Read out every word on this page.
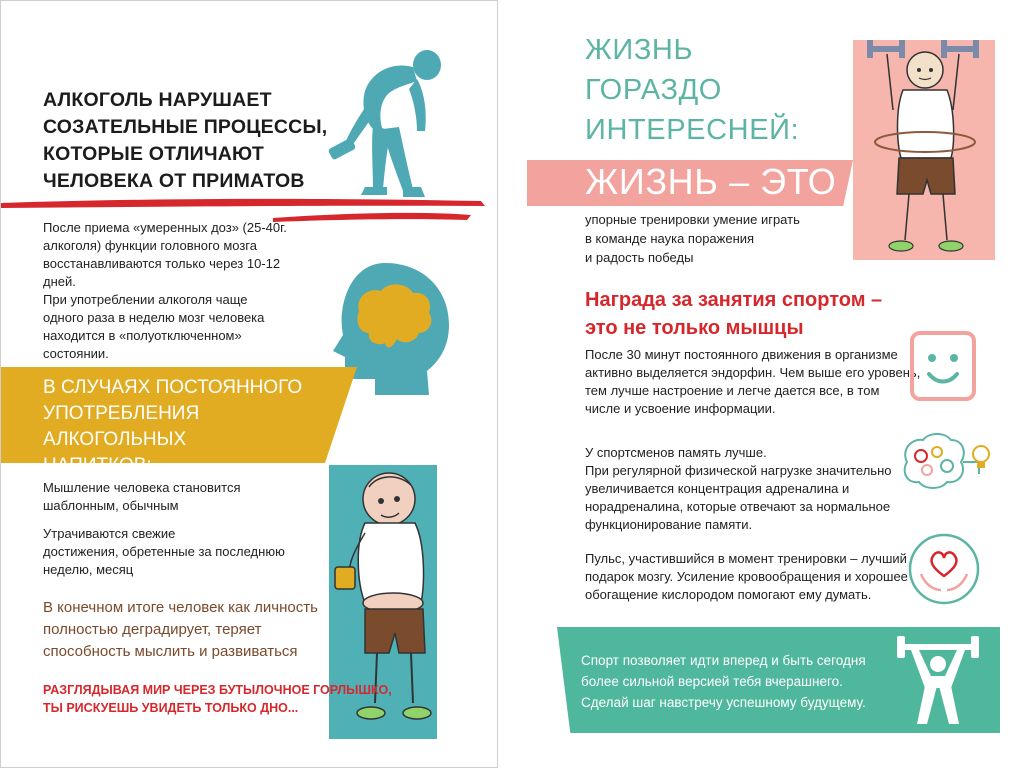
АЛКОГОЛЬ НАРУШАЕТ
СОЗАТЕЛЬНЫЕ ПРОЦЕССЫ,
КОТОРЫЕ ОТЛИЧАЮТ
ЧЕЛОВЕКА ОТ ПРИМАТОВ
После приема «умеренных доз» (25-40г.
алкоголя) функции головного мозга
восстанавливаются только через 10-12
дней.
При употреблении алкоголя чаще
одного раза в неделю мозг человека
находится в «полуотключенном»
состоянии.
В СЛУЧАЯХ ПОСТОЯННОГО
УПОТРЕБЛЕНИЯ АЛКОГОЛЬНЫХ
НАПИТКОВ:
Мышление человека становится
шаблонным, обычным
Утрачиваются свежие
достижения, обретенные за последнюю
неделю, месяц
В конечном итоге человек как личность
полностью деградирует, теряет
способность мыслить и развиваться
РАЗГЛЯДЫВАЯ МИР ЧЕРЕЗ БУТЫЛОЧНОЕ ГОРЛЫШКО,
ТЫ РИСКУЕШЬ УВИДЕТЬ ТОЛЬКО ДНО...
ЖИЗНЬ
ГОРАЗДО
ИНТЕРЕСНЕЙ:
ЖИЗНЬ – ЭТО
упорные тренировки умение играть
в команде наука поражения
и радость победы
Награда за занятия спортом –
это не только мышцы
После 30 минут постоянного движения в организме
активно выделяется эндорфин. Чем выше его уровень,
тем лучше настроение и легче дается все, в том
числе и усвоение информации.
У спортсменов память лучше.
При регулярной физической нагрузке значительно
увеличивается концентрация адреналина и
норадреналина, которые отвечают за нормальное
функционирование памяти.
Пульс, участившийся в момент тренировки – лучший
подарок мозгу. Усиление кровообращения и хорошее
обогащение кислородом помогают ему думать.
Спорт позволяет идти вперед и быть сегодня
более сильной версией тебя вчерашнего.
Сделай шаг навстречу успешному будущему.
